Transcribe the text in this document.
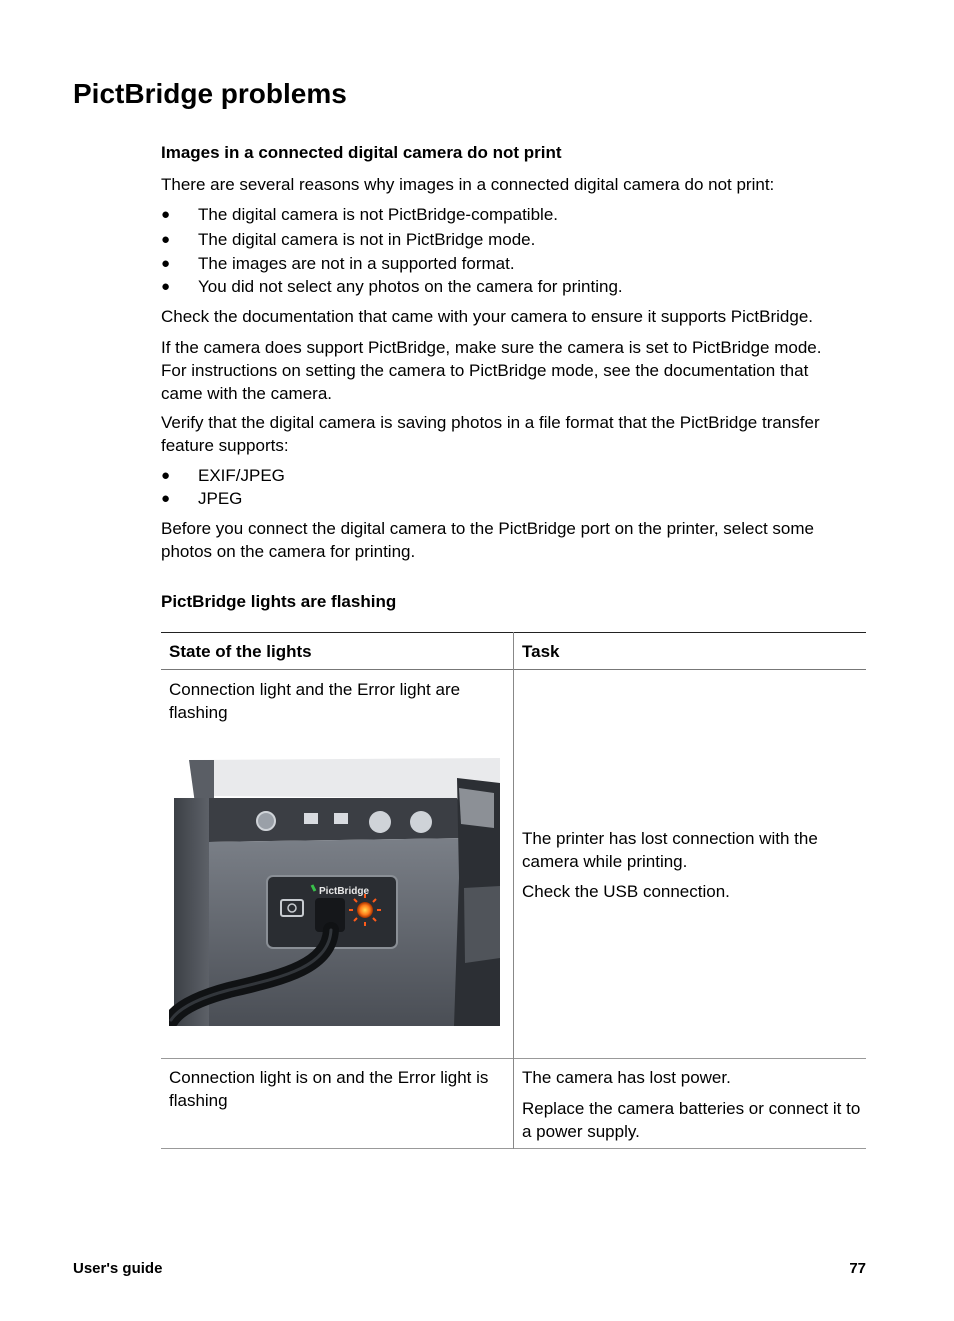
PictBridge problems
Images in a connected digital camera do not print

There are several reasons why images in a connected digital camera do not print:

● The digital camera is not PictBridge-compatible.
● The digital camera is not in PictBridge mode.
● The images are not in a supported format.
● You did not select any photos on the camera for printing.

Check the documentation that came with your camera to ensure it supports PictBridge.

If the camera does support PictBridge, make sure the camera is set to PictBridge mode. For instructions on setting the camera to PictBridge mode, see the documentation that came with the camera.

Verify that the digital camera is saving photos in a file format that the PictBridge transfer feature supports:

● EXIF/JPEG
● JPEG

Before you connect the digital camera to the PictBridge port on the printer, select some photos on the camera for printing.

PictBridge lights are flashing
State of the lights	Task
Connection light and the Error light are flashing
PictBridge
The printer has lost connection with the camera while printing.
Check the USB connection.
Connection light is on and the Error light is flashing
The camera has lost power.
Replace the camera batteries or connect it to a power supply.
User's guide	77
